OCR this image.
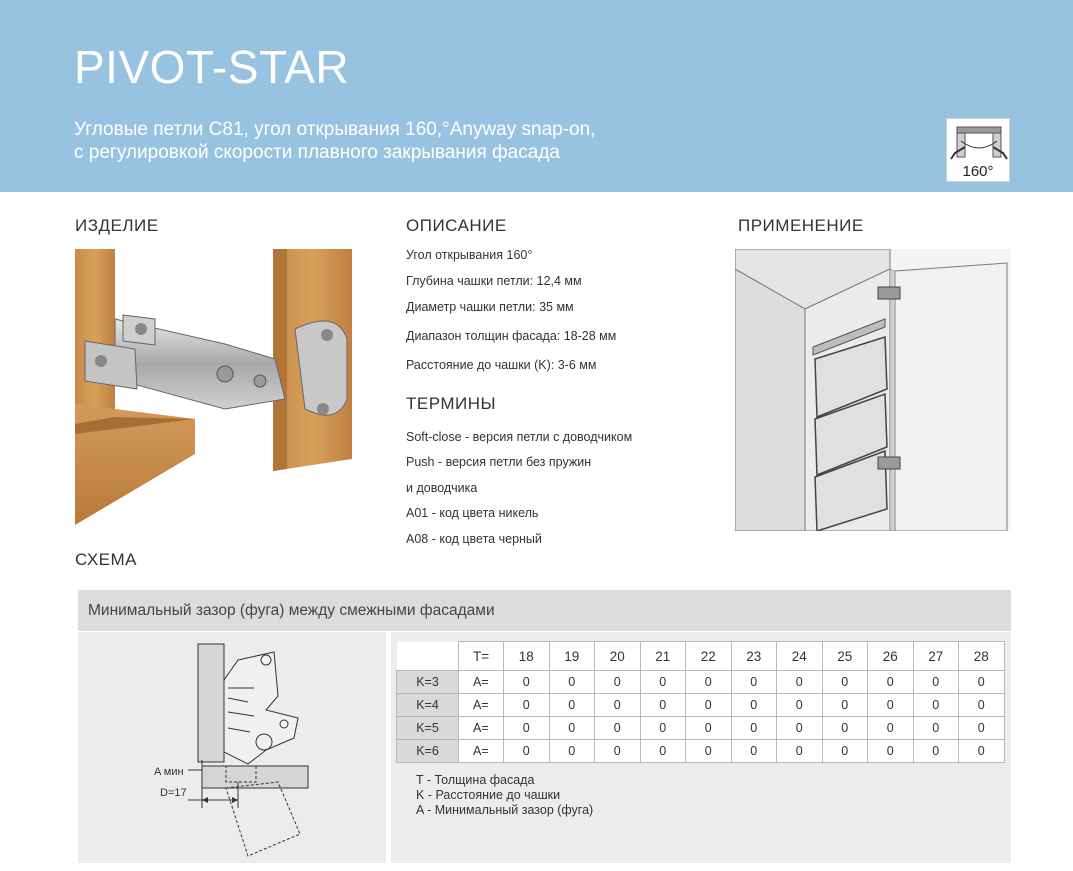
PIVOT-STAR
Угловые петли С81, угол открывания 160,°Anyway snap-on,
с регулировкой скорости плавного закрывания фасада
160°
ИЗДЕЛИЕ	ОПИСАНИЕ	ПРИМЕНЕНИЕ
ТЕРМИНЫ
СХЕМА
Угол открывания 160°
Глубина чашки петли: 12,4 мм
Диаметр чашки петли: 35 мм
Диапазон толщин фасада: 18-28 мм
Расстояние до чашки (K): 3-6 мм
Soft-close - версия петли с доводчиком
Push - версия петли без пружин
и доводчика
A01 - код цвета никель
A08 - код цвета черный
Минимальный зазор (фуга) между смежными фасадами
A мин
D=17
	T=	18	19	20	21	22	23	24	25	26	27	28
K=3	A=	0	0	0	0	0	0	0	0	0	0	0
K=4	A=	0	0	0	0	0	0	0	0	0	0	0
K=5	A=	0	0	0	0	0	0	0	0	0	0	0
K=6	A=	0	0	0	0	0	0	0	0	0	0	0
T - Толщина фасада
K - Расстояние до чашки
A - Минимальный зазор (фуга)
